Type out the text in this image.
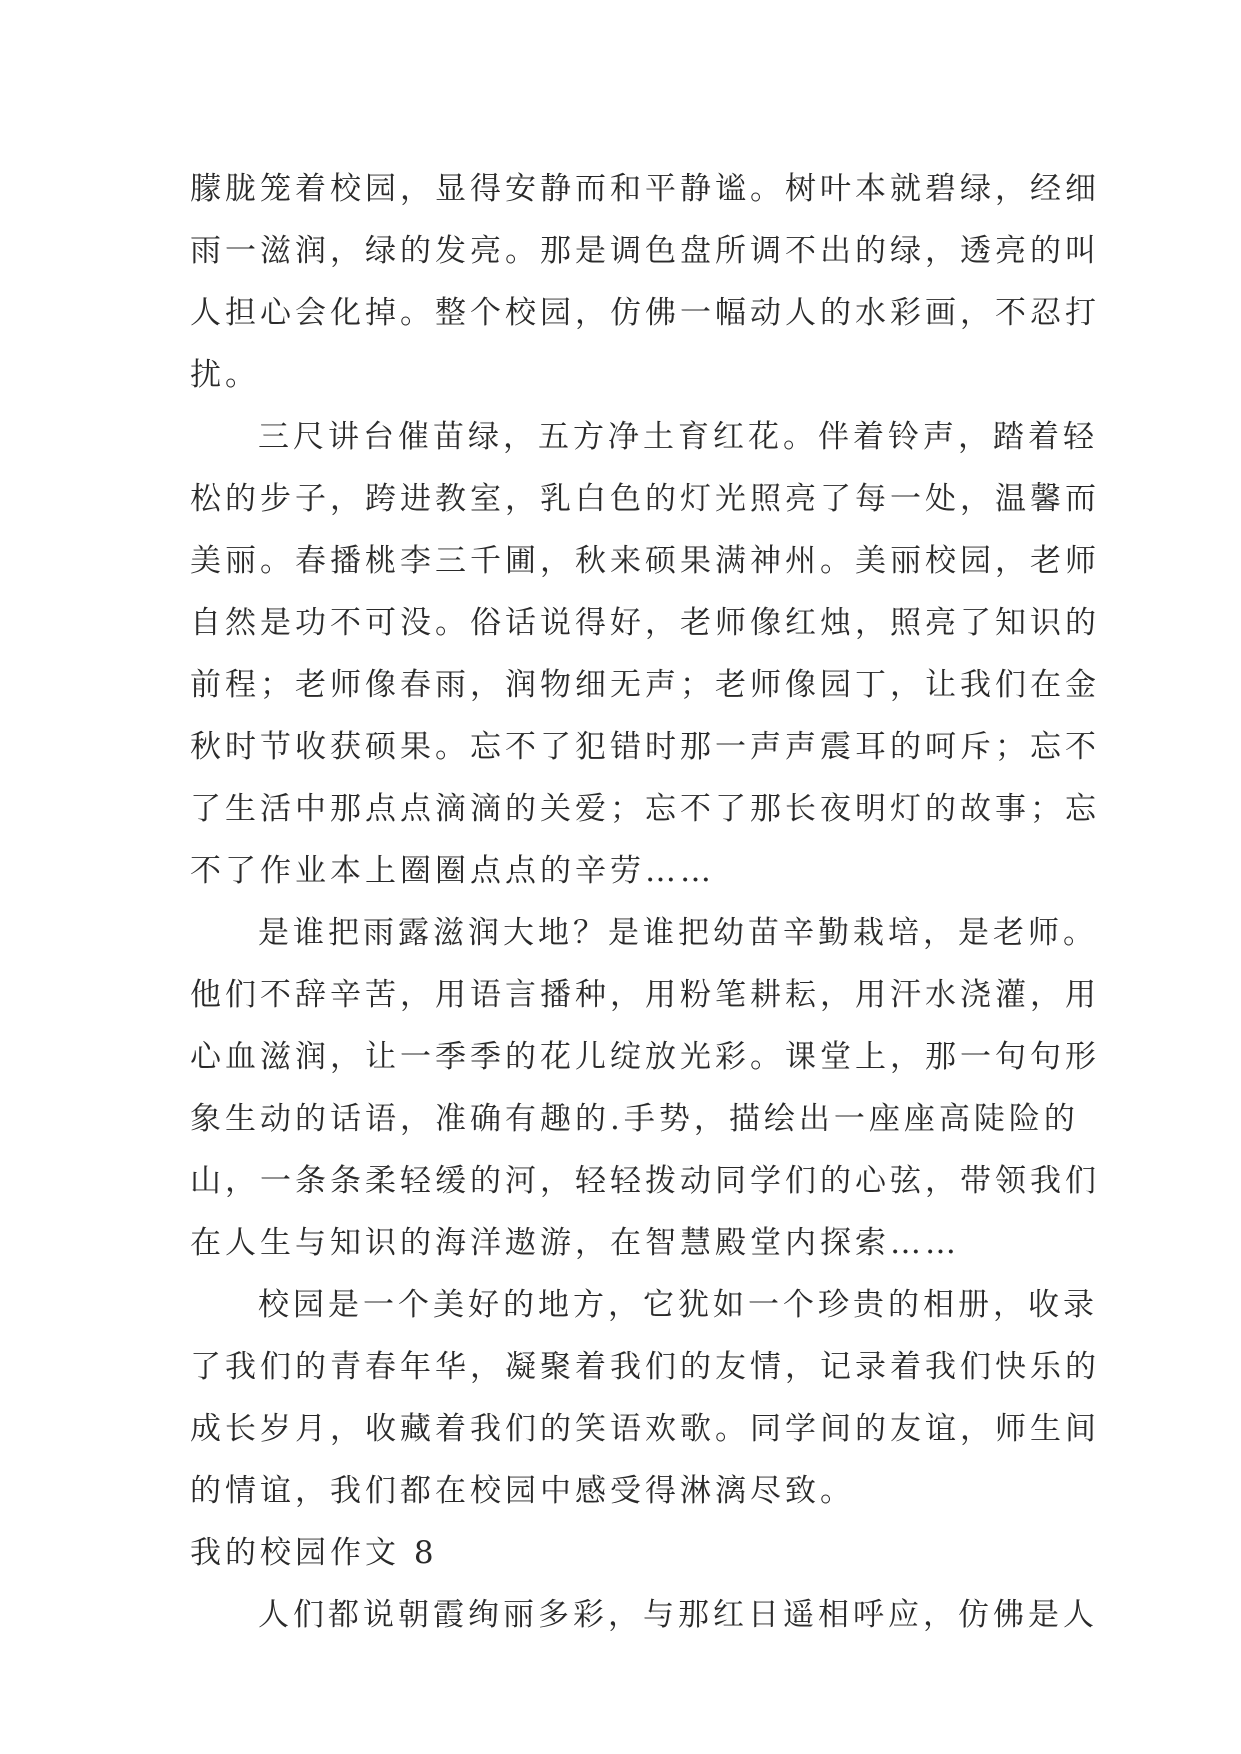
朦胧笼着校园，显得安静而和平静谧。树叶本就碧绿，经细
雨一滋润，绿的发亮。那是调色盘所调不出的绿，透亮的叫
人担心会化掉。整个校园，仿佛一幅动人的水彩画，不忍打
扰。
三尺讲台催苗绿，五方净土育红花。伴着铃声，踏着轻
松的步子，跨进教室，乳白色的灯光照亮了每一处，温馨而
美丽。春播桃李三千圃，秋来硕果满神州。美丽校园，老师
自然是功不可没。俗话说得好，老师像红烛，照亮了知识的
前程；老师像春雨，润物细无声；老师像园丁，让我们在金
秋时节收获硕果。忘不了犯错时那一声声震耳的呵斥；忘不
了生活中那点点滴滴的关爱；忘不了那长夜明灯的故事；忘
不了作业本上圈圈点点的辛劳……
是谁把雨露滋润大地？是谁把幼苗辛勤栽培，是老师。
他们不辞辛苦，用语言播种，用粉笔耕耘，用汗水浇灌，用
心血滋润，让一季季的花儿绽放光彩。课堂上，那一句句形
象生动的话语，准确有趣的.手势，描绘出一座座高陡险的
山，一条条柔轻缓的河，轻轻拨动同学们的心弦，带领我们
在人生与知识的海洋遨游，在智慧殿堂内探索……
校园是一个美好的地方，它犹如一个珍贵的相册，收录
了我们的青春年华，凝聚着我们的友情，记录着我们快乐的
成长岁月，收藏着我们的笑语欢歌。同学间的友谊，师生间
的情谊，我们都在校园中感受得淋漓尽致。
我的校园作文 8
人们都说朝霞绚丽多彩，与那红日遥相呼应，仿佛是人
